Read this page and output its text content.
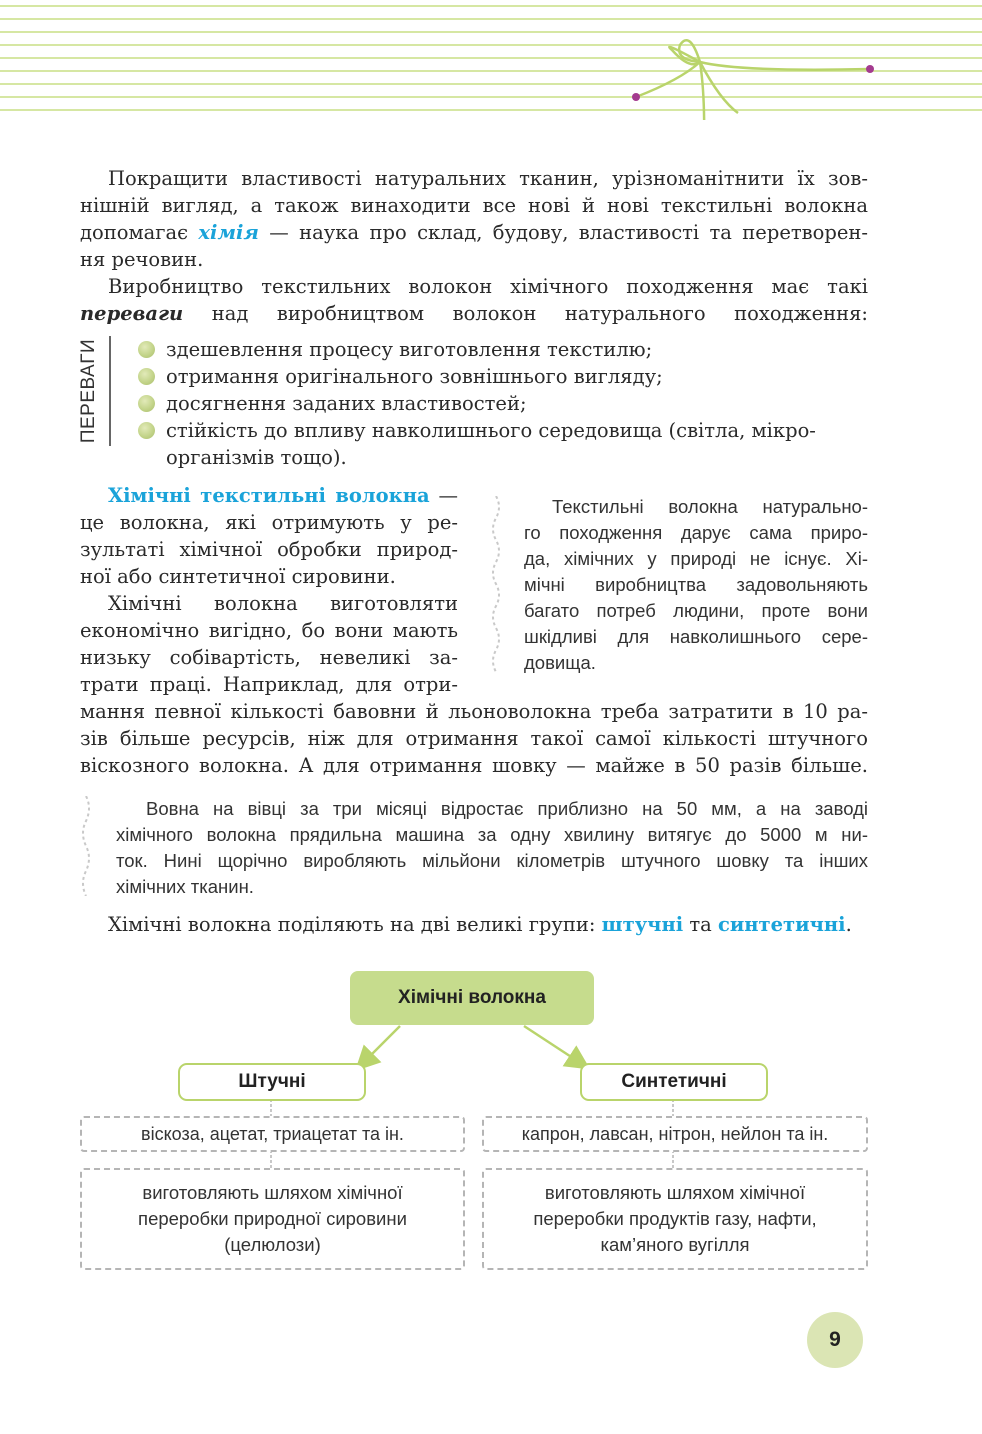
Покращити властивості натуральних тканин, урізноманітнити їх зов-
нішній вигляд, а також винаходити все нові й нові текстильні волокна
допомагає хімія — наука про склад, будову, властивості та перетворен-
ня речовин.
Виробництво текстильних волокон хімічного походження має такі
переваги над виробництвом волокон натурального походження:
ПЕРЕВАГИ	здешевлення процесу виготовлення текстилю;
отримання оригінального зовнішнього вигляду;
досягнення заданих властивостей;
стійкість до впливу навколишнього середовища (світла, мікро-
організмів тощо).
Хімічні текстильні волокна —
це волокна, які отримують у ре-
зультаті хімічної обробки природ-
ної або синтетичної сировини.
Хімічні волокна виготовляти
економічно вигідно, бо вони мають
низьку собівартість, невеликі за-
трати праці. Наприклад, для отри-
мання певної кількості бавовни й льоноволокна треба затратити в 10 ра-
зів більше ресурсів, ніж для отримання такої самої кількості штучного
віскозного волокна. А для отримання шовку — майже в 50 разів більше.
Текстильні волокна натурально-
го походження дарує сама приро-
да, хімічних у природі не існує. Хі-
мічні виробництва задовольняють
багато потреб людини, проте вони
шкідливі для навколишнього сере-
довища.
Вовна на вівці за три місяці відростає приблизно на 50 мм, а на заводі
хімічного волокна прядильна машина за одну хвилину витягує до 5000 м ни-
ток. Нині щорічно виробляють мільйони кілометрів штучного шовку та інших
хімічних тканин.
Хімічні волокна поділяють на дві великі групи: штучні та синтетичні.
Хімічні волокна
Штучні	Синтетичні
віскоза, ацетат, триацетат та ін.	капрон, лавсан, нітрон, нейлон та ін.
виготовляють шляхом хімічної
переробки природної сировини
(целюлози)
виготовляють шляхом хімічної
переробки продуктів газу, нафти,
кам’яного вугілля
9
